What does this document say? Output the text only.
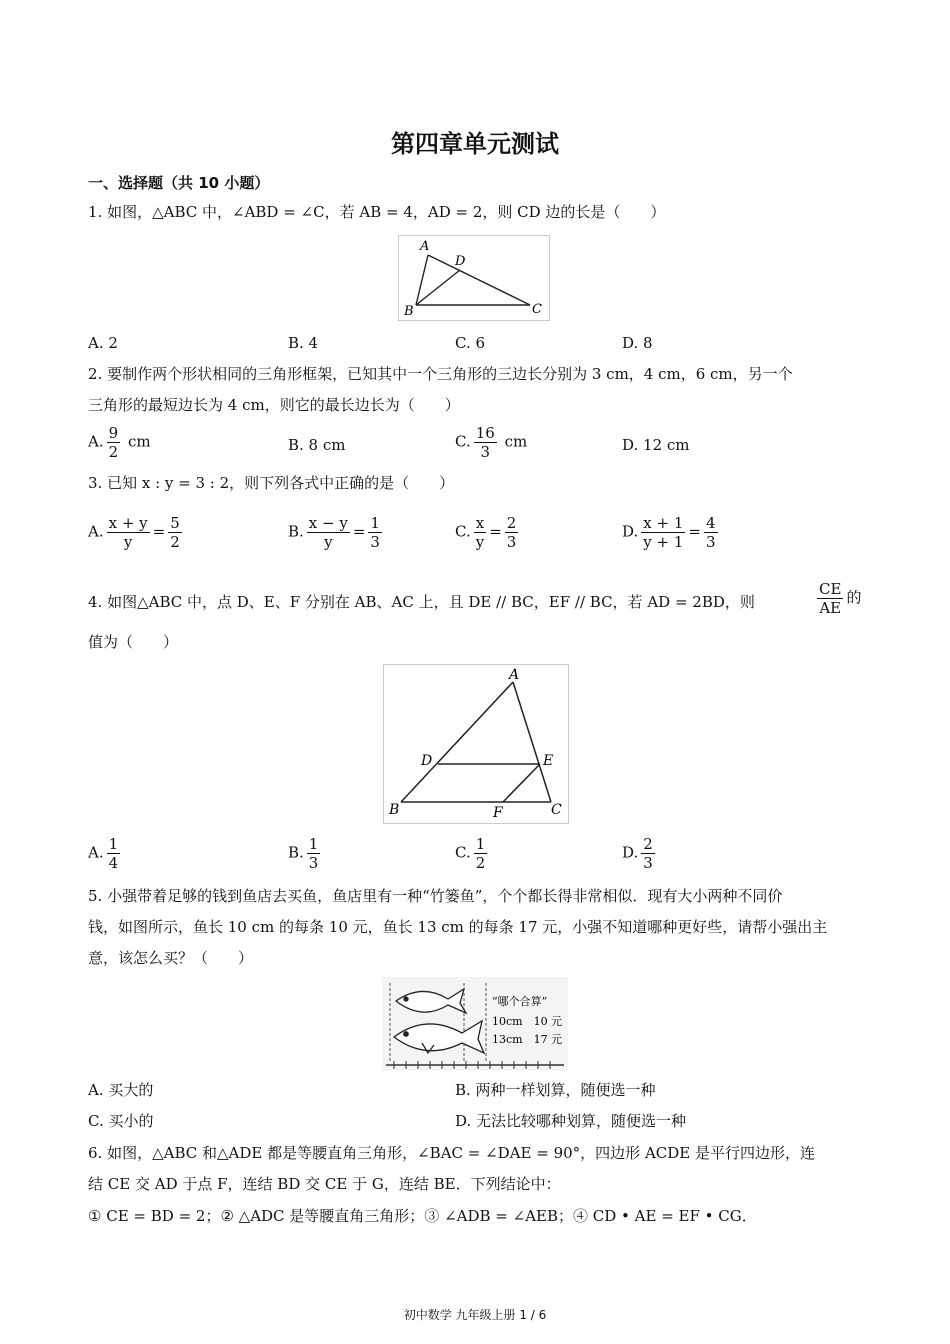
第四章单元测试
一、选择题（共 10 小题）
1. 如图，△ABC 中，∠ABD = ∠C，若 AB = 4，AD = 2，则 CD 边的长是（　　）
A
D
B	C
A. 2	B. 4	C. 6	D. 8
2. 要制作两个形状相同的三角形框架，已知其中一个三角形的三边长分别为 3 cm，4 cm，6 cm，另一个
三角形的最短边长为 4 cm，则它的最长边长为（　　）
A. $\frac{9}{2}$ cm	B. 8 cm	C. $\frac{16}{3}$ cm	D. 12 cm
3. 已知 x : y = 3 : 2，则下列各式中正确的是（　　）
A. $\frac{x + y}{y} = \frac{5}{2}$	B. $\frac{x - y}{y} = \frac{1}{3}$	C. $\frac{x}{y} = \frac{2}{3}$	D. $\frac{x + 1}{y + 1} = \frac{4}{3}$
4. 如图△ABC 中，点 D、E、F 分别在 AB、AC 上，且 DE // BC，EF // BC，若 AD = 2BD，则	$\frac{CE}{AE}$ 的
值为（　　）
A
D	E
B	F	C
A. $\frac{1}{4}$	B. $\frac{1}{3}$	C. $\frac{1}{2}$	D. $\frac{2}{3}$
5. 小强带着足够的钱到鱼店去买鱼，鱼店里有一种“竹篓鱼”，个个都长得非常相似．现有大小两种不同价
钱，如图所示，鱼长 10 cm 的每条 10 元，鱼长 13 cm 的每条 17 元，小强不知道哪种更好些，请帮小强出主
意，该怎么买？（　　）
“哪个合算”
10cm　10 元
13cm　17 元
A. 买大的	B. 两种一样划算，随便选一种
C. 买小的	D. 无法比较哪种划算，随便选一种
6. 如图，△ABC 和△ADE 都是等腰直角三角形，∠BAC = ∠DAE = 90°，四边形 ACDE 是平行四边形，连
结 CE 交 AD 于点 F，连结 BD 交 CE 于 G，连结 BE．下列结论中：
① CE = BD = 2；② △ADC 是等腰直角三角形；③ ∠ADB = ∠AEB；④ CD • AE = EF • CG．
初中数学 九年级上册 1 / 6
